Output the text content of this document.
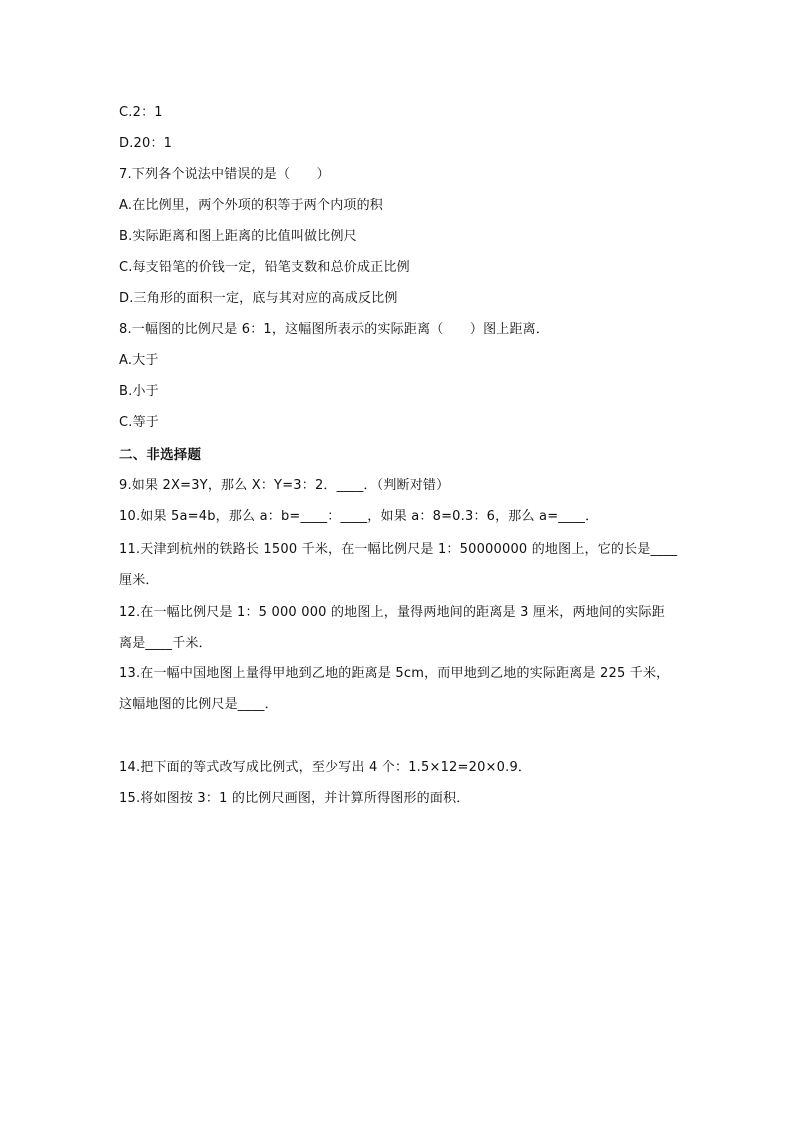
C.2：1
D.20：1
7.下列各个说法中错误的是（　　）
A.在比例里，两个外项的积等于两个内项的积
B.实际距离和图上距离的比值叫做比例尺
C.每支铅笔的价钱一定，铅笔支数和总价成正比例
D.三角形的面积一定，底与其对应的高成反比例
8.一幅图的比例尺是 6：1，这幅图所表示的实际距离（　　）图上距离．
A.大于
B.小于
C.等于
二、非选择题
9.如果 2X=3Y，那么 X：Y=3：2．____．（判断对错）
10.如果 5a=4b，那么 a：b=____：____，如果 a：8=0.3：6，那么 a=____．
11.天津到杭州的铁路长 1500 千米，在一幅比例尺是 1：50000000 的地图上，它的长是____
厘米．
12.在一幅比例尺是 1：5 000 000 的地图上，量得两地间的距离是 3 厘米，两地间的实际距
离是____千米．
13.在一幅中国地图上量得甲地到乙地的距离是 5cm，而甲地到乙地的实际距离是 225 千米，
这幅地图的比例尺是____．
14.把下面的等式改写成比例式，至少写出 4 个：1.5×12=20×0.9．
15.将如图按 3：1 的比例尺画图，并计算所得图形的面积．
